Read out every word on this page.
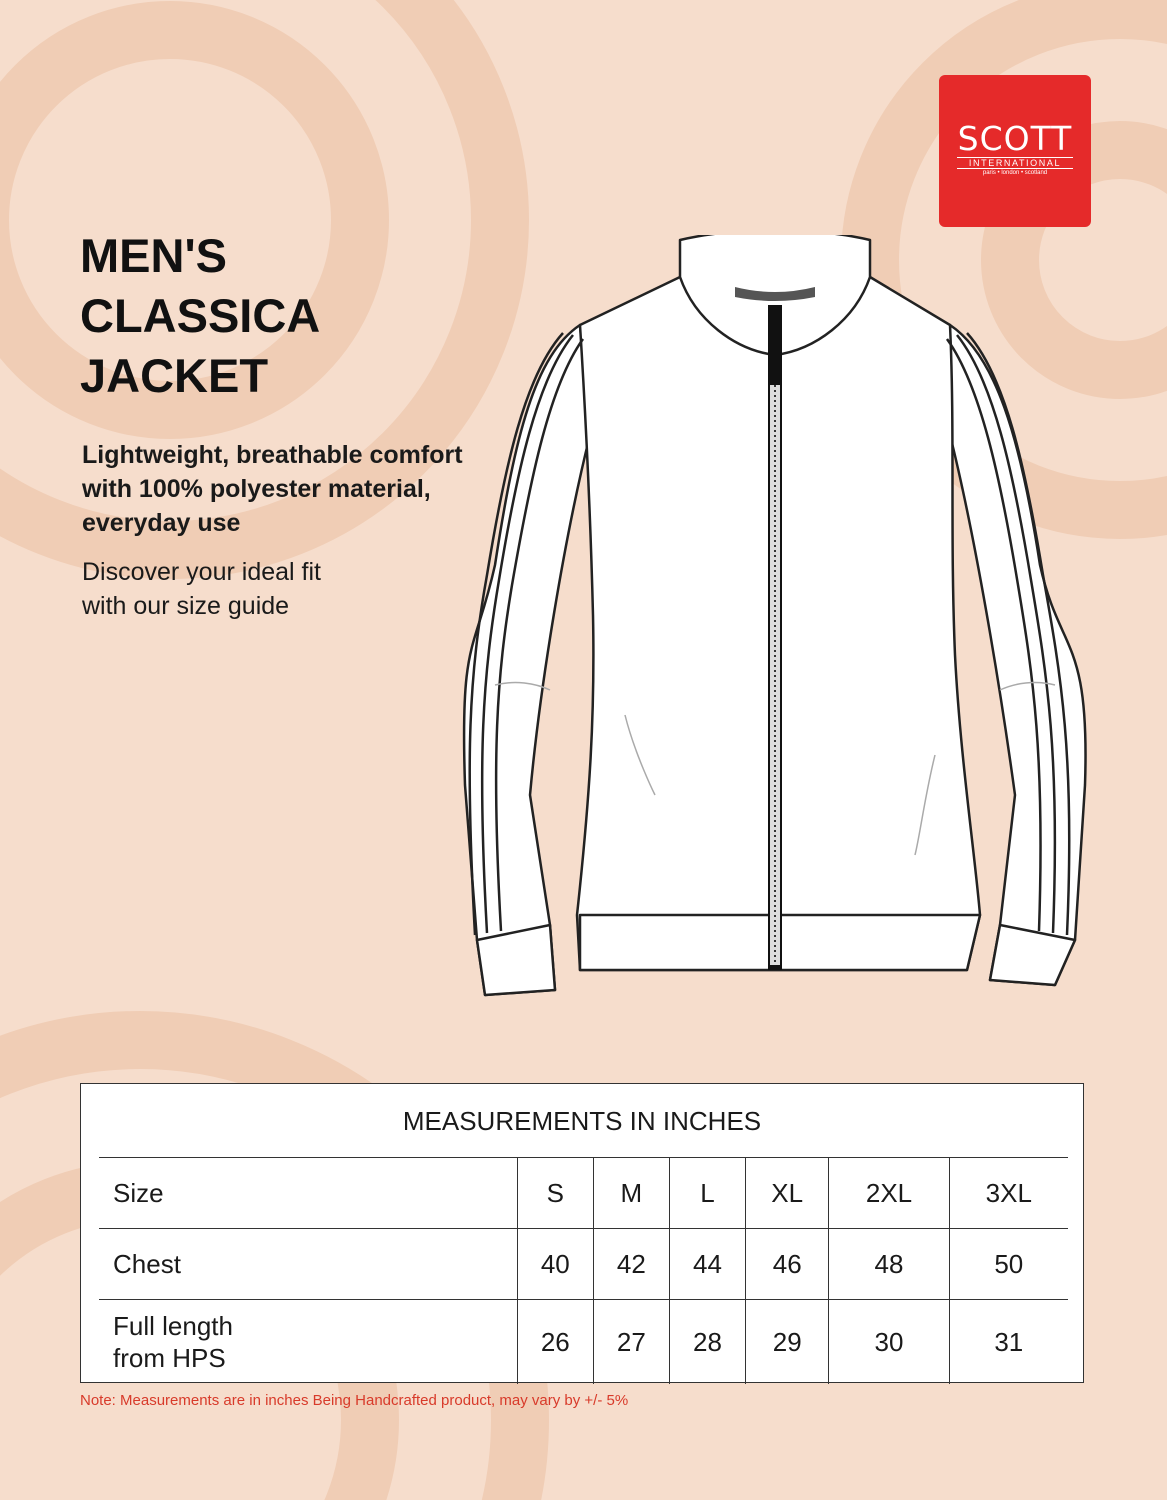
SCOTT
INTERNATIONAL
paris • london • scotland
MEN'S
CLASSICA
JACKET

Lightweight, breathable comfort with 100% polyester material, everyday use

Discover your ideal fit with our size guide

MEASUREMENTS IN INCHES
Size	S	M	L	XL	2XL	3XL
Chest	40	42	44	46	48	50

Full length from HPS	26	27	28	29	30	31
Note: Measurements are in inches Being Handcrafted product, may vary by +/- 5%
